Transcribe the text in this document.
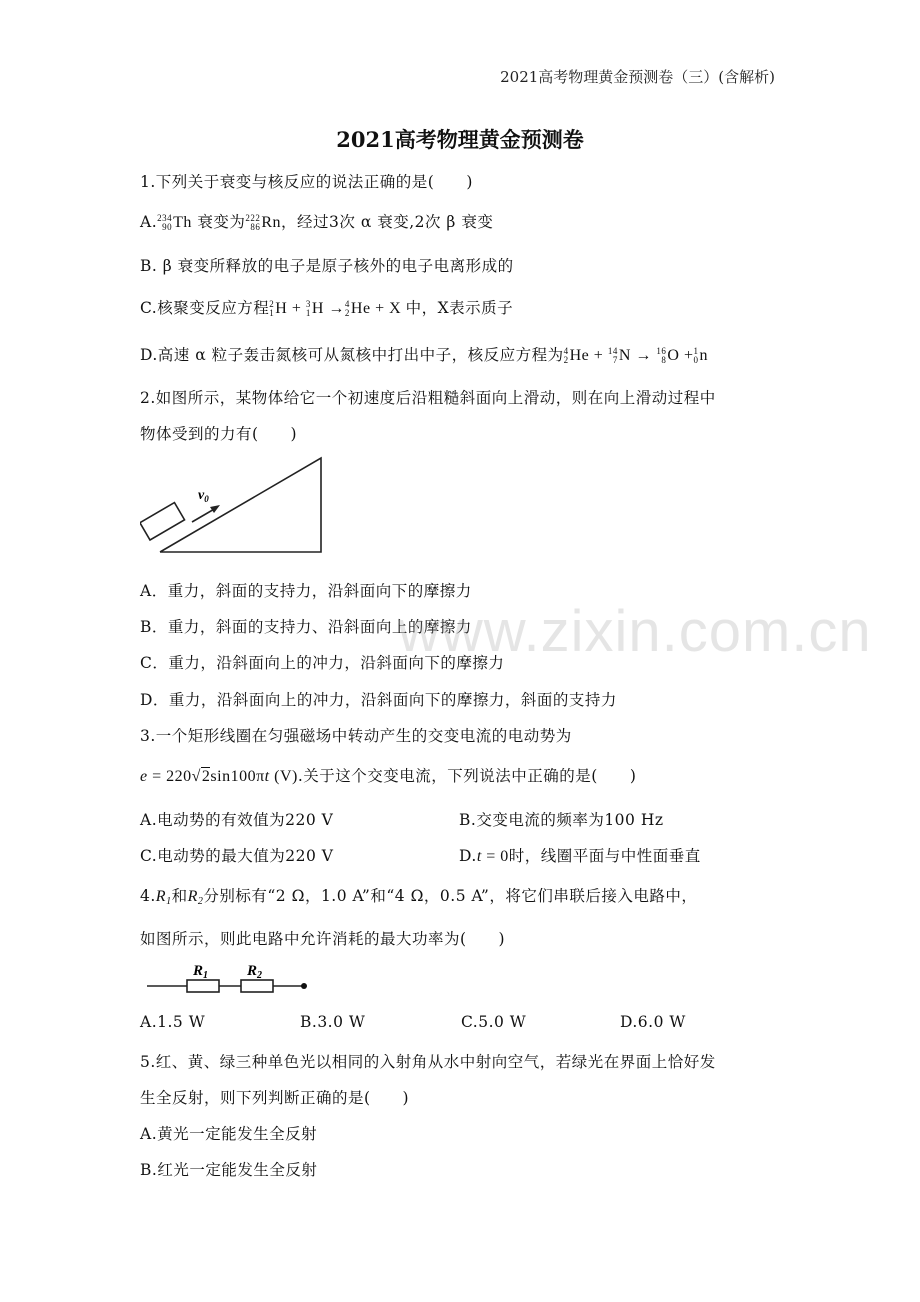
2021高考物理黄金预测卷（三）(含解析)
2021高考物理黄金预测卷
1.下列关于衰变与核反应的说法正确的是(　　)
A. 234
90 Th 衰变为 222
86 Rn ，经过3次 α 衰变,2次 β 衰变
B. β 衰变所释放的电子是原子核外的电子电离形成的
C.核聚变反应方程 2
1 H + 3
1 H → 4
2 He + X 中，X表示质子
D.高速 α 粒子轰击氮核可从氮核中打出中子，核反应方程为 4
2 He + 14
7 N → 16
8 O + 1
0 n
2.如图所示，某物体给它一个初速度后沿粗糙斜面向上滑动，则在向上滑动过程中
物体受到的力有(　　)
$v_0$
A．重力，斜面的支持力，沿斜面向下的摩擦力
B．重力，斜面的支持力、沿斜面向上的摩擦力
C．重力，沿斜面向上的冲力，沿斜面向下的摩擦力
D．重力，沿斜面向上的冲力，沿斜面向下的摩擦力，斜面的支持力
3.一个矩形线圈在匀强磁场中转动产生的交变电流的电动势为
e = 220√2sin100πt (V).关于这个交变电流，下列说法中正确的是(　　)
A.电动势的有效值为220 V	B.交变电流的频率为100 Hz
C.电动势的最大值为220 V	D.t = 0时，线圈平面与中性面垂直
$4.R_1$和$R_2$分别标有“2 Ω，1.0 A”和“4 Ω，0.5 A”，将它们串联后接入电路中，
如图所示，则此电路中允许消耗的最大功率为(　　)
$R_1$	$R_2$
A.1.5 W	B.3.0 W	C.5.0 W	D.6.0 W
5.红、黄、绿三种单色光以相同的入射角从水中射向空气，若绿光在界面上恰好发
生全反射，则下列判断正确的是(　　)
A.黄光一定能发生全反射
B.红光一定能发生全反射
www.zixin.com.cn
